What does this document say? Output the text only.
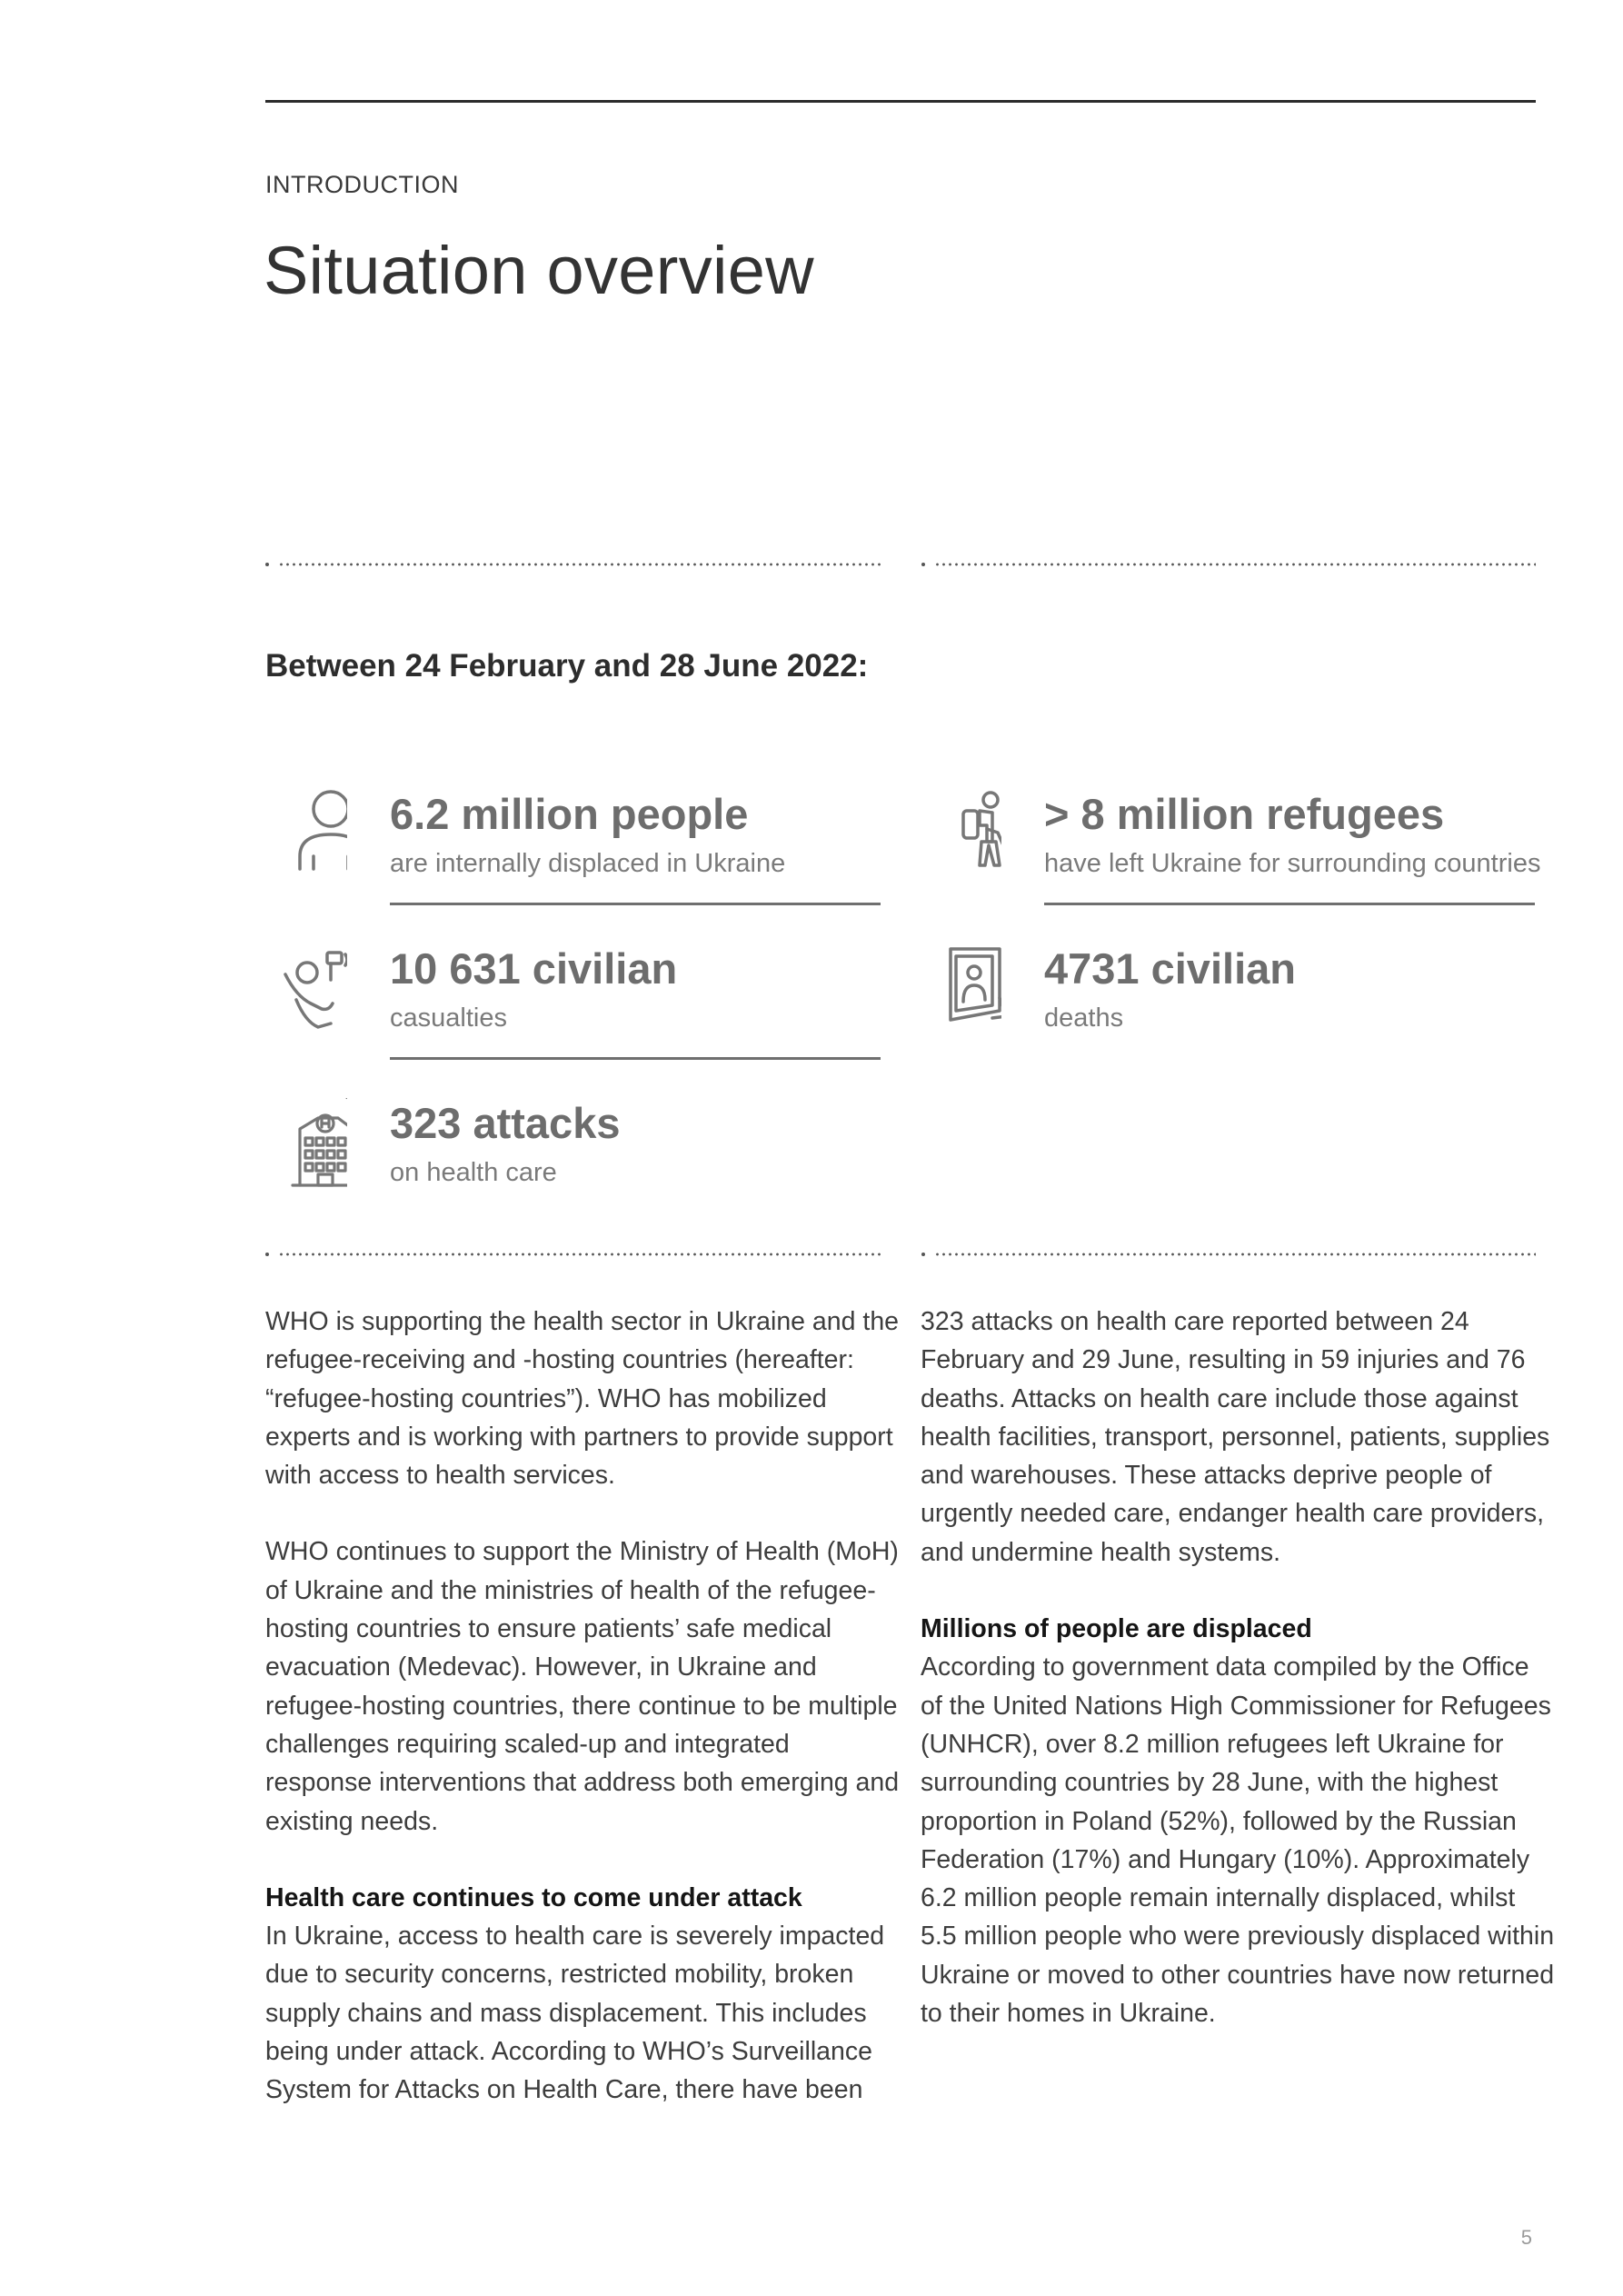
INTRODUCTION
Situation overview
Between 24 February and 28 June 2022:
6.2 million people
are internally displaced in Ukraine
> 8 million refugees
have left Ukraine for surrounding countries
10 631 civilian
casualties
4731 civilian
deaths
323 attacks
on health care

WHO is supporting the health sector in Ukraine and the refugee-receiving and -hosting countries (hereafter: “refugee-hosting countries”). WHO has mobilized experts and is working with partners to provide support with access to health services.

WHO continues to support the Ministry of Health (MoH) of Ukraine and the ministries of health of the refugee-hosting countries to ensure patients’ safe medical evacuation (Medevac). However, in Ukraine and refugee-hosting countries, there continue to be multiple challenges requiring scaled-up and integrated response interventions that address both emerging and existing needs.

Health care continues to come under attack

In Ukraine, access to health care is severely impacted due to security concerns, restricted mobility, broken supply chains and mass displacement. This includes being under attack. According to WHO’s Surveillance System for Attacks on Health Care, there have been

323 attacks on health care reported between 24 February and 29 June, resulting in 59 injuries and 76 deaths. Attacks on health care include those against health facilities, transport, personnel, patients, supplies and warehouses. These attacks deprive people of urgently needed care, endanger health care providers, and undermine health systems.

Millions of people are displaced

According to government data compiled by the Office of the United Nations High Commissioner for Refugees (UNHCR), over 8.2 million refugees left Ukraine for surrounding countries by 28 June, with the highest proportion in Poland (52%), followed by the Russian Federation (17%) and Hungary (10%). Approximately 6.2 million people remain internally displaced, whilst 5.5 million people who were previously displaced within Ukraine or moved to other countries have now returned to their homes in Ukraine.

5
